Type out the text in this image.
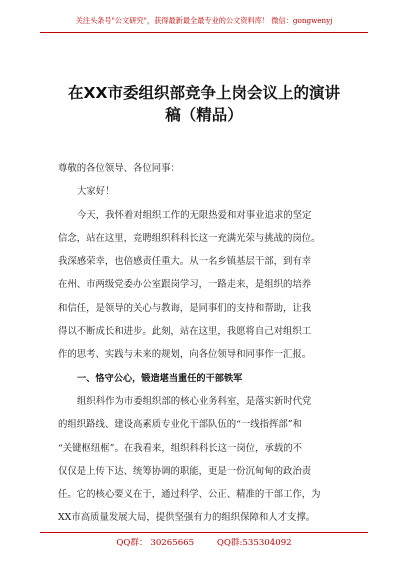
关注头条号"公文研究"，获得最新最全最专业的公文资料库！ 微信：gongwenyj
在XX市委组织部竞争上岗会议上的演讲
稿（精品）
尊敬的各位领导、各位同事：
大家好！
今天，我怀着对组织工作的无限热爱和对事业追求的坚定
信念，站在这里，竞聘组织科科长这一充满光荣与挑战的岗位。
我深感荣幸，也倍感责任重大。从一名乡镇基层干部，到有幸
在州、市两级党委办公室跟岗学习，一路走来，是组织的培养
和信任，是领导的关心与教诲，是同事们的支持和帮助，让我
得以不断成长和进步。此刻，站在这里，我愿将自己对组织工
作的思考、实践与未来的规划，向各位领导和同事作一汇报。
一、恪守公心，锻造堪当重任的干部铁军
组织科作为市委组织部的核心业务科室，是落实新时代党
的组织路线、建设高素质专业化干部队伍的“一线指挥部”和
“关键枢纽框”。在我看来，组织科科长这一岗位，承载的不
仅仅是上传下达、统筹协调的职能，更是一份沉甸甸的政治责
任。它的核心要义在于，通过科学、公正、精准的干部工作，为
XX市高质量发展大局，提供坚强有力的组织保障和人才支撑。
QQ群： 30265665	QQ群:535304092
